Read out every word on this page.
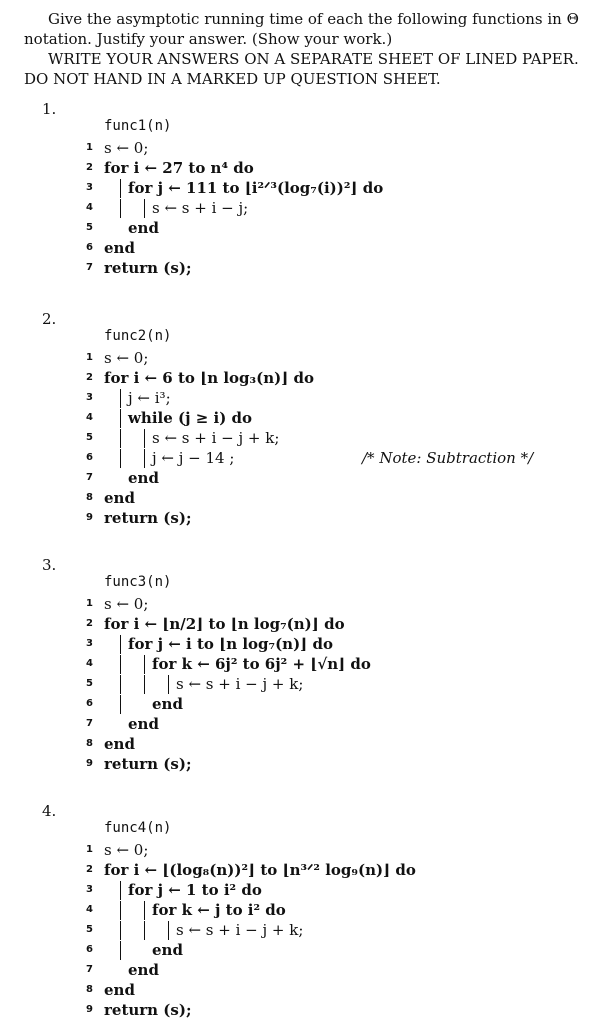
Give the asymptotic running time of each the following functions in Θ notation. Justify your answer. (Show your work.)

WRITE YOUR ANSWERS ON A SEPARATE SHEET OF LINED PAPER. DO NOT HAND IN A MARKED UP QUESTION SHEET.

1.
func1(n)
1 s ← 0;
2 for i ← 27 to n⁴ do
3	for j ← 111 to ⌊i²ᐟ³(log₇(i))²⌋ do
4	s ← s + i − j;
5	end
6 end
7 return (s);
2.
func2(n)
1 s ← 0;
2 for i ← 6 to ⌊n log₃(n)⌋ do
3	j ← i³;
4	while (j ≥ i) do
5	s ← s + i − j + k;
6	j ← j − 14 ;	/* Note: Subtraction */
7	end
8 end
9 return (s);
3.
func3(n)
1 s ← 0;
2 for i ← ⌊n/2⌋ to ⌊n log₇(n)⌋ do
3	for j ← i to ⌊n log₇(n)⌋ do
4	for k ← 6j² to 6j² + ⌊√n⌋ do
5	s ← s + i − j + k;
6	end
7	end
8 end
9 return (s);
4.
func4(n)
1 s ← 0;
2 for i ← ⌊(log₈(n))²⌋ to ⌊n³ᐟ² log₉(n)⌋ do
3	for j ← 1 to i² do
4	for k ← j to i² do
5	s ← s + i − j + k;
6	end
7	end
8 end
9 return (s);
